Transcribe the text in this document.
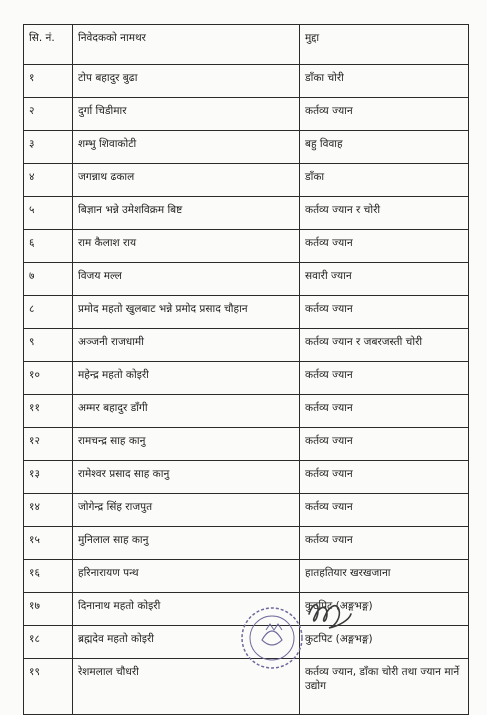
सि. नं.	निवेदकको नामथर	मुद्दा
१	टोप बहादुर बुढा	डाँका चोरी
२	दुर्गा चिडीमार	कर्तव्य ज्यान
३	शम्भु शिवाकोटी	बहु विवाह
४	जगन्नाथ ढकाल	डाँका
५	बिज्ञान भन्ने उमेशविक्रम बिष्ट	कर्तव्य ज्यान र चोरी
६	राम कैलाश राय	कर्तव्य ज्यान
७	विजय मल्ल	सवारी ज्यान
८	प्रमोद महतो खुलबाट भन्ने प्रमोद प्रसाद चौहान	कर्तव्य ज्यान
९	अञ्जनी राजधामी	कर्तव्य ज्यान र जबरजस्ती चोरी
१०	महेन्द्र महतो कोइरी	कर्तव्य ज्यान
११	अम्मर बहादुर डाँगी	कर्तव्य ज्यान
१२	रामचन्द्र साह कानु	कर्तव्य ज्यान
१३	रामेश्वर प्रसाद साह कानु	कर्तव्य ज्यान
१४	जोगेन्द्र सिंह राजपुत	कर्तव्य ज्यान
१५	मुनिलाल साह कानु	कर्तव्य ज्यान
१६	हरिनारायण पन्थ	हातहतियार खरखजाना
१७	दिनानाथ महतो कोइरी	कुटपिट (अङ्गभङ्ग)
१८	ब्रह्मदेव महतो कोइरी	कुटपिट (अङ्गभङ्ग)
१९	रेशमलाल चौधरी	कर्तव्य ज्यान, डाँका चोरी तथा ज्यान मार्ने उद्योग
